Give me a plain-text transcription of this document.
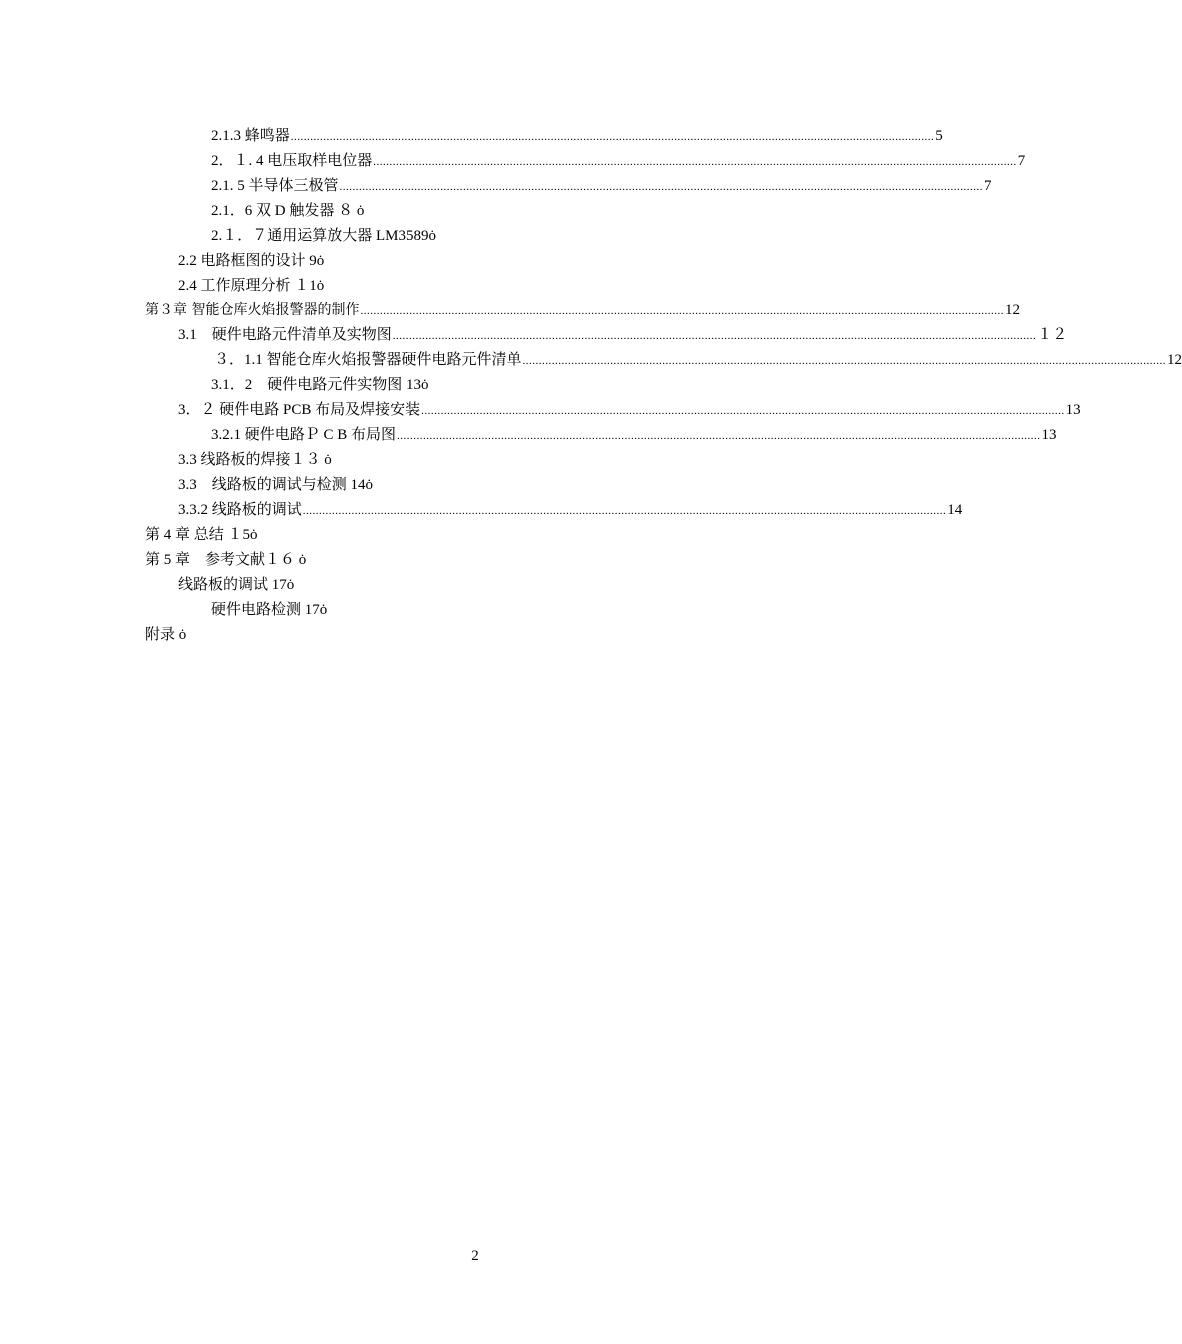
2.1.3 蜂鸣器 ...................................................................................................................................................................................................... 5
2．１. 4 电压取样电位器 ...................................................................................................................................................................................................... 7
2.1. 5 半导体三极管 ...................................................................................................................................................................................................... 7
2.1．6 双 D 触发器 ８ ȯ
2.１．７通用运算放大器 LM3589ȯ
2.2 电路框图的设计 9ȯ
2.4 工作原理分析 １1ȯ
第３章 智能仓库火焰报警器的制作 ...................................................................................................................................................................................................... 12
3.1　硬件电路元件清单及实物图 ...................................................................................................................................................................................................... １２
３．1.1 智能仓库火焰报警器硬件电路元件清单 ...................................................................................................................................................................................................... 12
3.1．2　硬件电路元件实物图 13ȯ
3．２ 硬件电路 PCB 布局及焊接安装 ...................................................................................................................................................................................................... 13
3.2.1 硬件电路Ｐ C B 布局图 ...................................................................................................................................................................................................... 13
3.3 线路板的焊接１３ ȯ
3.3　线路板的调试与检测 14ȯ
3.3.2 线路板的调试 ...................................................................................................................................................................................................... 14
第 4 章 总结 １5ȯ
第 5 章　参考文献１６ ȯ
线路板的调试 17ȯ
硬件电路检测 17ȯ
附录 ȯ
2
